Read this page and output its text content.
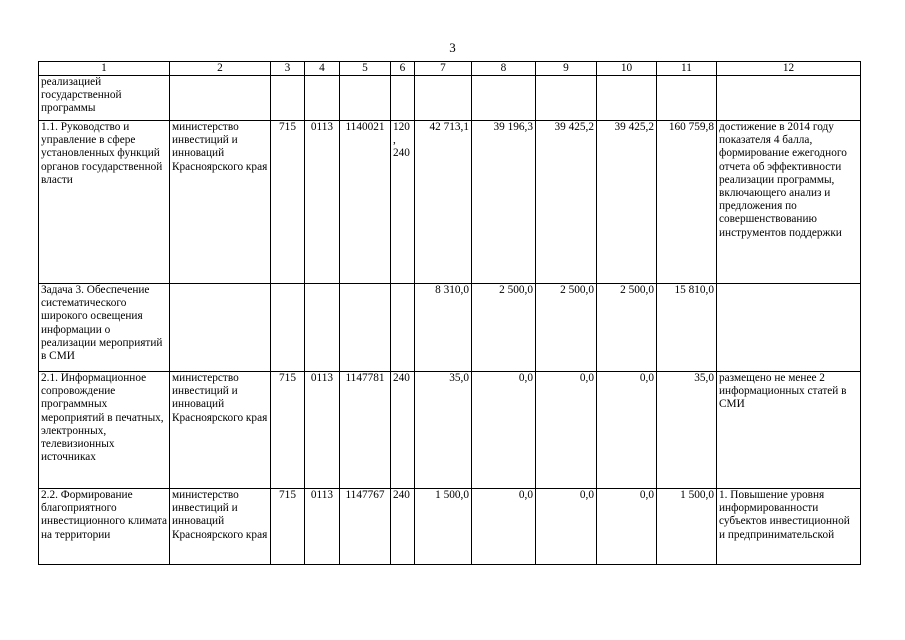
3
1	2	3	4	5	6	7	8	9	10	11	12
реализацией государственной программы											
1.1. Руководство и управление в сфере установленных функций органов государственной власти	министерство инвестиций и инноваций Красноярского края	715	0113	1140021	120, 240	42 713,1	39 196,3	39 425,2	39 425,2	160 759,8	достижение в 2014 году показателя 4 балла, формирование ежегодного отчета об эффективности реализации программы, включающего анализ и предложения по совершенствованию инструментов поддержки
Задача 3. Обеспечение систематического широкого освещения информации о реализации мероприятий в СМИ						8 310,0	2 500,0	2 500,0	2 500,0	15 810,0	
2.1. Информационное сопровождение программных мероприятий в печатных, электронных, телевизионных источниках	министерство инвестиций и инноваций Красноярского края	715	0113	1147781	240	35,0	0,0	0,0	0,0	35,0	размещено не менее 2 информационных статей в СМИ
2.2. Формирование благоприятного инвестиционного климата на территории	министерство инвестиций и инноваций Красноярского края	715	0113	1147767	240	1 500,0	0,0	0,0	0,0	1 500,0	1. Повышение уровня информированности субъектов инвестиционной и предпринимательской
